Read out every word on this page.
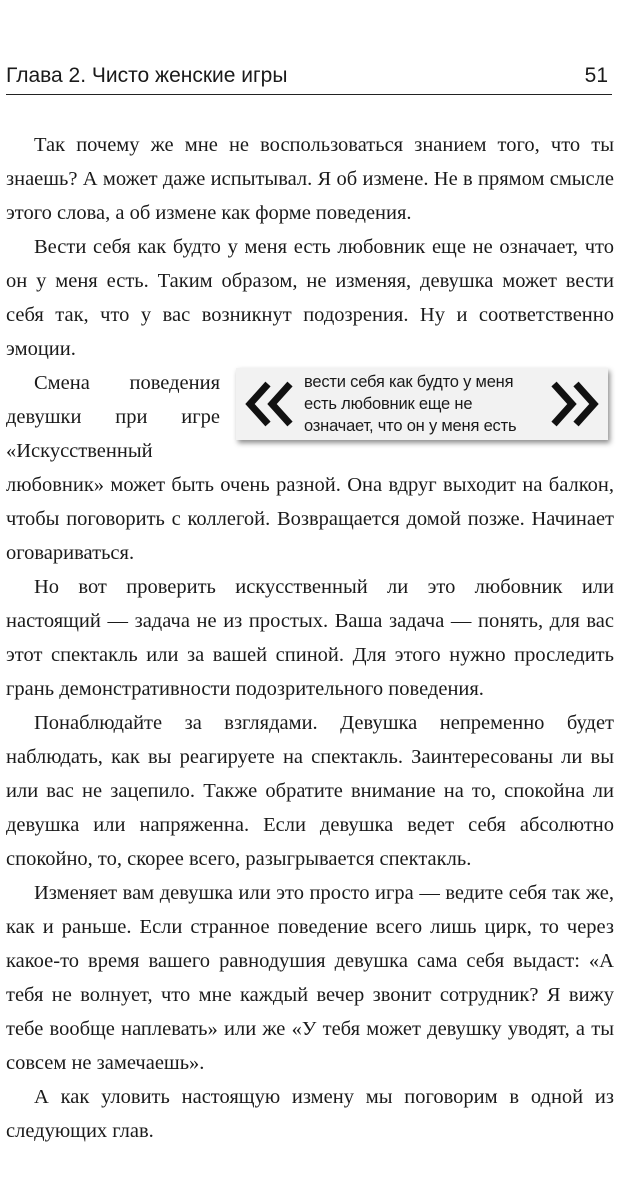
Глава 2. Чисто женские игры	51

Так почему же мне не воспользоваться знанием того, что ты знаешь? А может даже испытывал. Я об измене. Не в прямом смысле этого слова, а об измене как форме поведения.

Вести себя как будто у меня есть любовник еще не означает, что он у меня есть. Таким образом, не изменяя, девушка может вести себя так, что у вас возникнут подозрения. Ну и соответственно эмоции.

вести себя как будто у меня
есть любовник еще не
означает, что он у меня есть
Смена поведения девушки при игре «Искусственный любовник» может быть очень разной. Она вдруг выходит на балкон, чтобы поговорить с коллегой. Возвращается домой позже. Начинает оговариваться.

Но вот проверить искусственный ли это любовник или настоящий — задача не из простых. Ваша задача — понять, для вас этот спектакль или за вашей спиной. Для этого нужно проследить грань демонстративности подозрительного поведения.

Понаблюдайте за взглядами. Девушка непременно будет наблюдать, как вы реагируете на спектакль. Заинтересованы ли вы или вас не зацепило. Также обратите внимание на то, спокойна ли девушка или напряженна. Если девушка ведет себя абсолютно спокойно, то, скорее всего, разыгрывается спектакль.

Изменяет вам девушка или это просто игра — ведите себя так же, как и раньше. Если странное поведение всего лишь цирк, то через какое-то время вашего равнодушия девушка сама себя выдаст: «А тебя не волнует, что мне каждый вечер звонит сотрудник? Я вижу тебе вообще наплевать» или же «У тебя может девушку уводят, а ты совсем не замечаешь».

А как уловить настоящую измену мы поговорим в одной из следующих глав.
